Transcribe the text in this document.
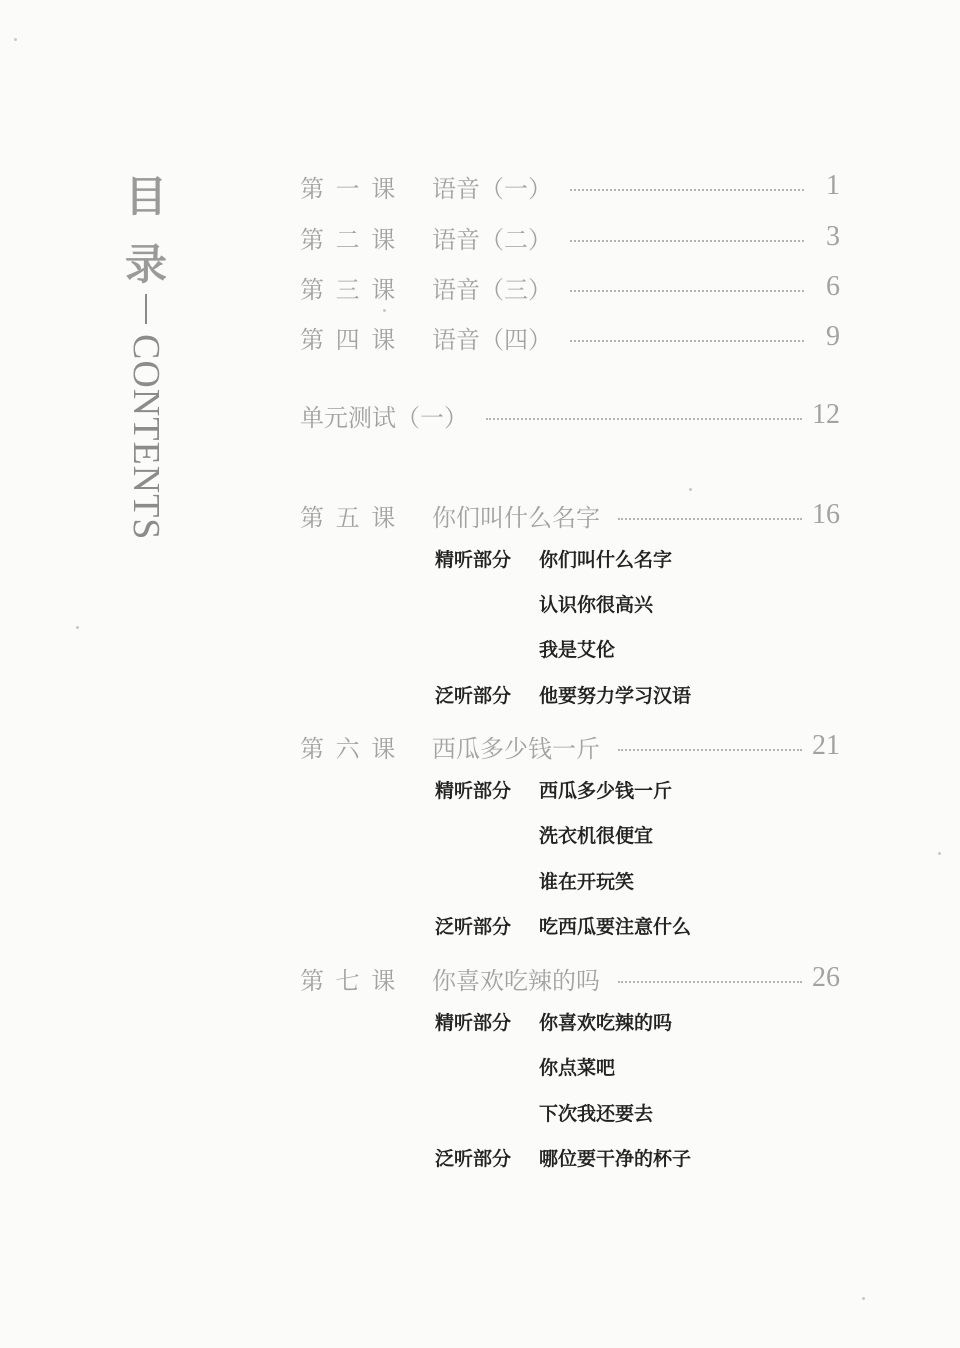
目
录
CONTENTS
第 一 课	语音（一）	1
第 二 课	语音（二）	3
第 三 课	语音（三）	6
第 四 课	语音（四）	9
单元测试（一）	12
第 五 课	你们叫什么名字	16
精听部分	你们叫什么名字
认识你很高兴
我是艾伦
泛听部分	他要努力学习汉语
第 六 课	西瓜多少钱一斤	21
精听部分	西瓜多少钱一斤
洗衣机很便宜
谁在开玩笑
泛听部分	吃西瓜要注意什么
第 七 课	你喜欢吃辣的吗	26
精听部分	你喜欢吃辣的吗
你点菜吧
下次我还要去
泛听部分	哪位要干净的杯子
